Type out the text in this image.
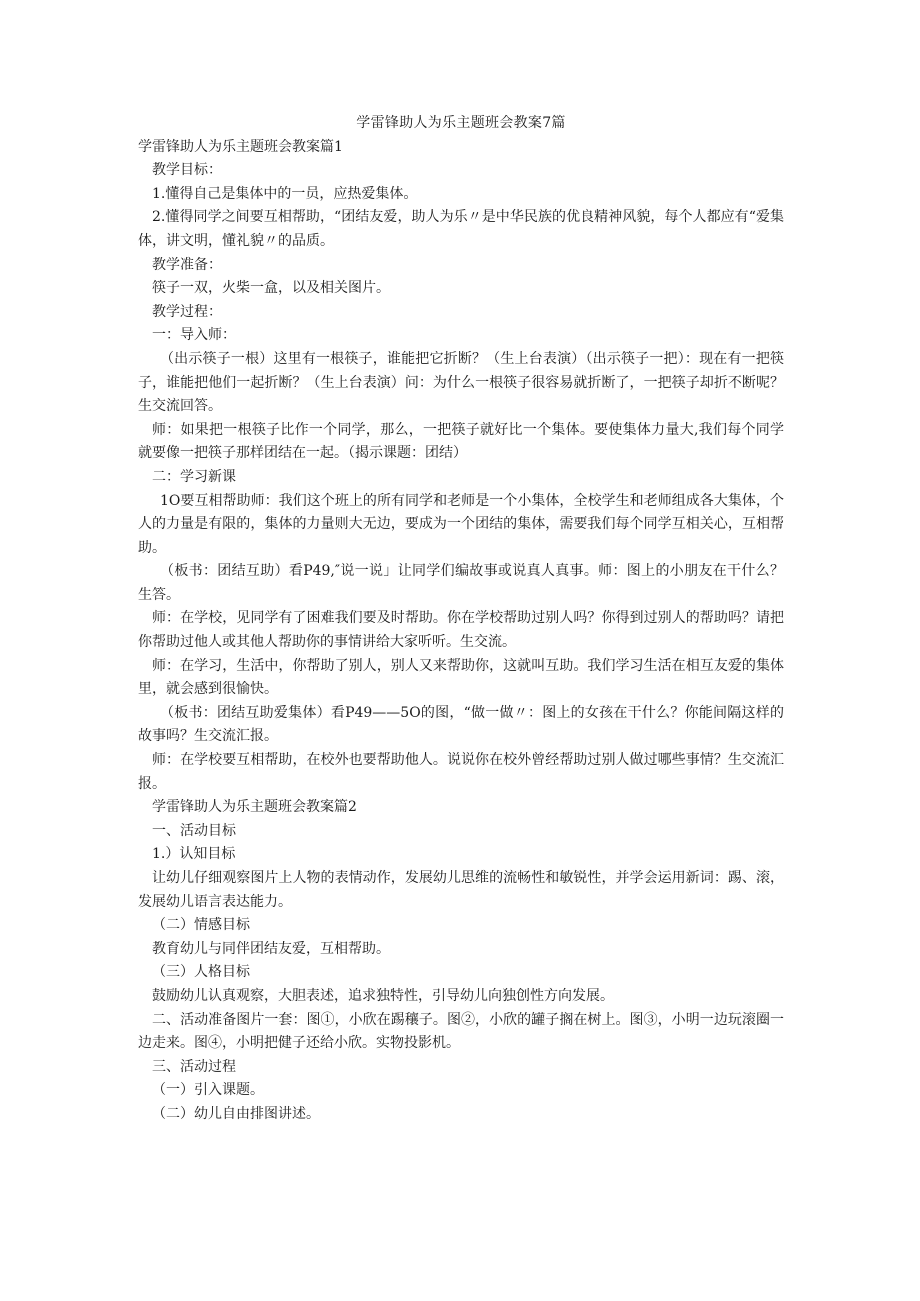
学雷锋助人为乐主题班会教案7篇

学雷锋助人为乐主题班会教案篇1

教学目标：

1.懂得自己是集体中的一员，应热爱集体。

2.懂得同学之间要互相帮助，“团结友爱，助人为乐〃是中华民族的优良精神风貌，每个人都应有“爱集体，讲文明，懂礼貌〃的品质。

教学准备：

筷子一双，火柴一盒，以及相关图片。

教学过程：

一：导入师：

（出示筷子一根）这里有一根筷子，谁能把它折断？（生上台表演）（出示筷子一把）：现在有一把筷子，谁能把他们一起折断？（生上台表演）问：为什么一根筷子很容易就折断了，一把筷子却折不断呢？生交流回答。

师：如果把一根筷子比作一个同学，那么，一把筷子就好比一个集体。要使集体力量大,我们每个同学就要像一把筷子那样团结在一起。（揭示课题：团结）

二：学习新课

1O要互相帮助师：我们这个班上的所有同学和老师是一个小集体，全校学生和老师组成各大集体，个人的力量是有限的，集体的力量则大无边，要成为一个团结的集体，需要我们每个同学互相关心，互相帮助。

（板书：团结互助）看P49,″说一说」让同学们编故事或说真人真事。师：图上的小朋友在干什么？生答。

师：在学校，见同学有了困难我们要及时帮助。你在学校帮助过别人吗？你得到过别人的帮助吗？请把你帮助过他人或其他人帮助你的事情讲给大家听听。生交流。

师：在学习，生活中，你帮助了别人，别人又来帮助你，这就叫互助。我们学习生活在相互友爱的集体里，就会感到很愉快。

（板书：团结互助爱集体）看P49——5O的图，“做一做〃：图上的女孩在干什么？你能间隔这样的故事吗？生交流汇报。

师：在学校要互相帮助，在校外也要帮助他人。说说你在校外曾经帮助过别人做过哪些事情？生交流汇报。

学雷锋助人为乐主题班会教案篇2

一、活动目标

1.）认知目标

让幼儿仔细观察图片上人物的表情动作，发展幼儿思维的流畅性和敏锐性，并学会运用新词：踢、滚，发展幼儿语言表达能力。

（二）情感目标

教育幼儿与同伴团结友爱，互相帮助。

（三）人格目标

鼓励幼儿认真观察，大胆表述，追求独特性，引导幼儿向独创性方向发展。

二、活动准备图片一套：图①，小欣在踢穰子。图②，小欣的罐子搁在树上。图③，小明一边玩滚圈一边走来。图④，小明把健子还给小欣。实物投影机。

三、活动过程

（一）引入课题。

（二）幼儿自由排图讲述。
